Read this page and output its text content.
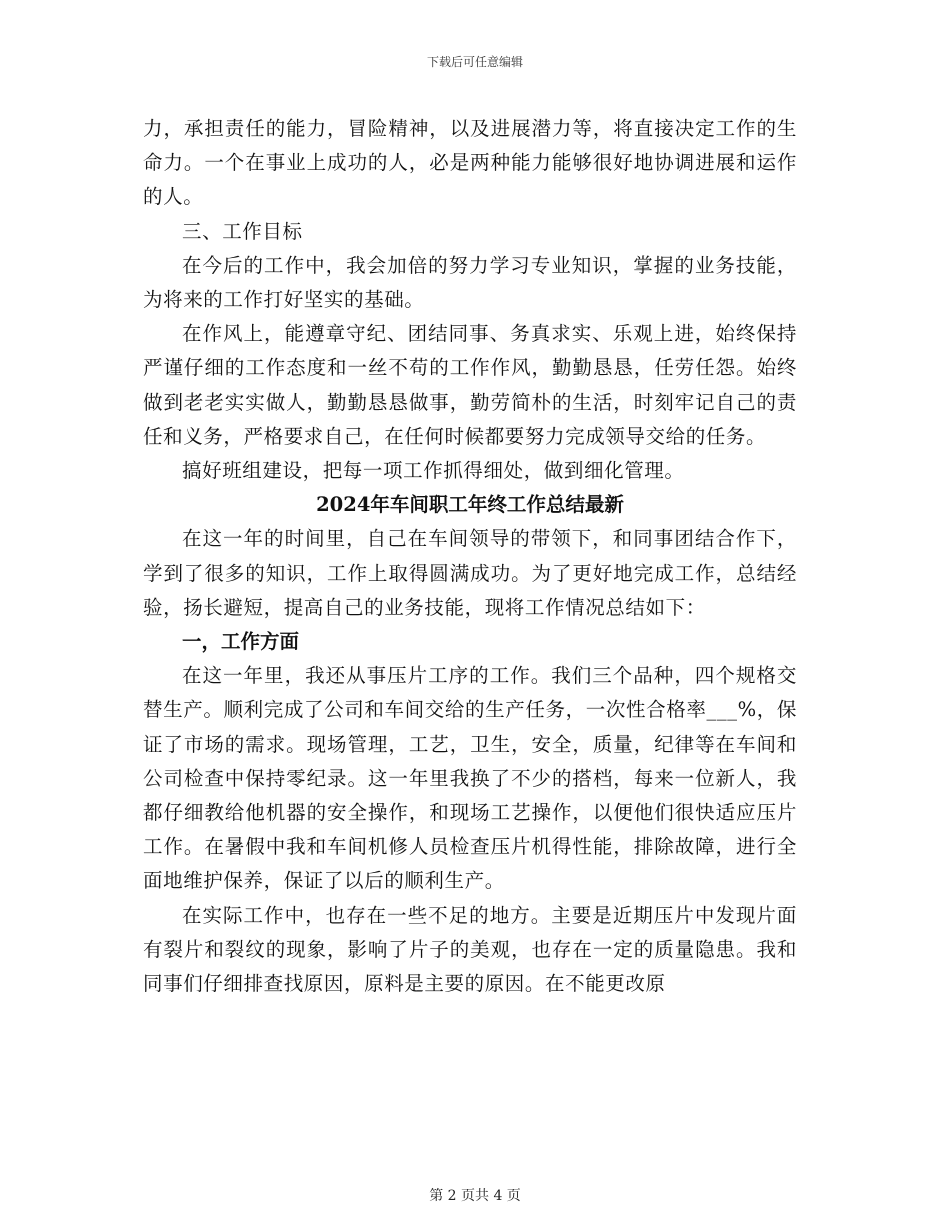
下载后可任意编辑

力，承担责任的能力，冒险精神，以及进展潜力等，将直接决定工作的生命力。一个在事业上成功的人，必是两种能力能够很好地协调进展和运作的人。

三、工作目标

在今后的工作中，我会加倍的努力学习专业知识，掌握的业务技能，为将来的工作打好坚实的基础。

在作风上，能遵章守纪、团结同事、务真求实、乐观上进，始终保持严谨仔细的工作态度和一丝不苟的工作作风，勤勤恳恳，任劳任怨。始终做到老老实实做人，勤勤恳恳做事，勤劳简朴的生活，时刻牢记自己的责任和义务，严格要求自己，在任何时候都要努力完成领导交给的任务。

搞好班组建设，把每一项工作抓得细处，做到细化管理。

2024年车间职工年终工作总结最新

在这一年的时间里，自己在车间领导的带领下，和同事团结合作下，学到了很多的知识，工作上取得圆满成功。为了更好地完成工作，总结经验，扬长避短，提高自己的业务技能，现将工作情况总结如下：

一，工作方面

在这一年里，我还从事压片工序的工作。我们三个品种，四个规格交替生产。顺利完成了公司和车间交给的生产任务，一次性合格率___%，保证了市场的需求。现场管理，工艺，卫生，安全，质量，纪律等在车间和公司检查中保持零纪录。这一年里我换了不少的搭档，每来一位新人，我都仔细教给他机器的安全操作，和现场工艺操作，以便他们很快适应压片工作。在暑假中我和车间机修人员检查压片机得性能，排除故障，进行全面地维护保养，保证了以后的顺利生产。

在实际工作中，也存在一些不足的地方。主要是近期压片中发现片面有裂片和裂纹的现象，影响了片子的美观，也存在一定的质量隐患。我和同事们仔细排查找原因，原料是主要的原因。在不能更改原

第 2 页共 4 页
